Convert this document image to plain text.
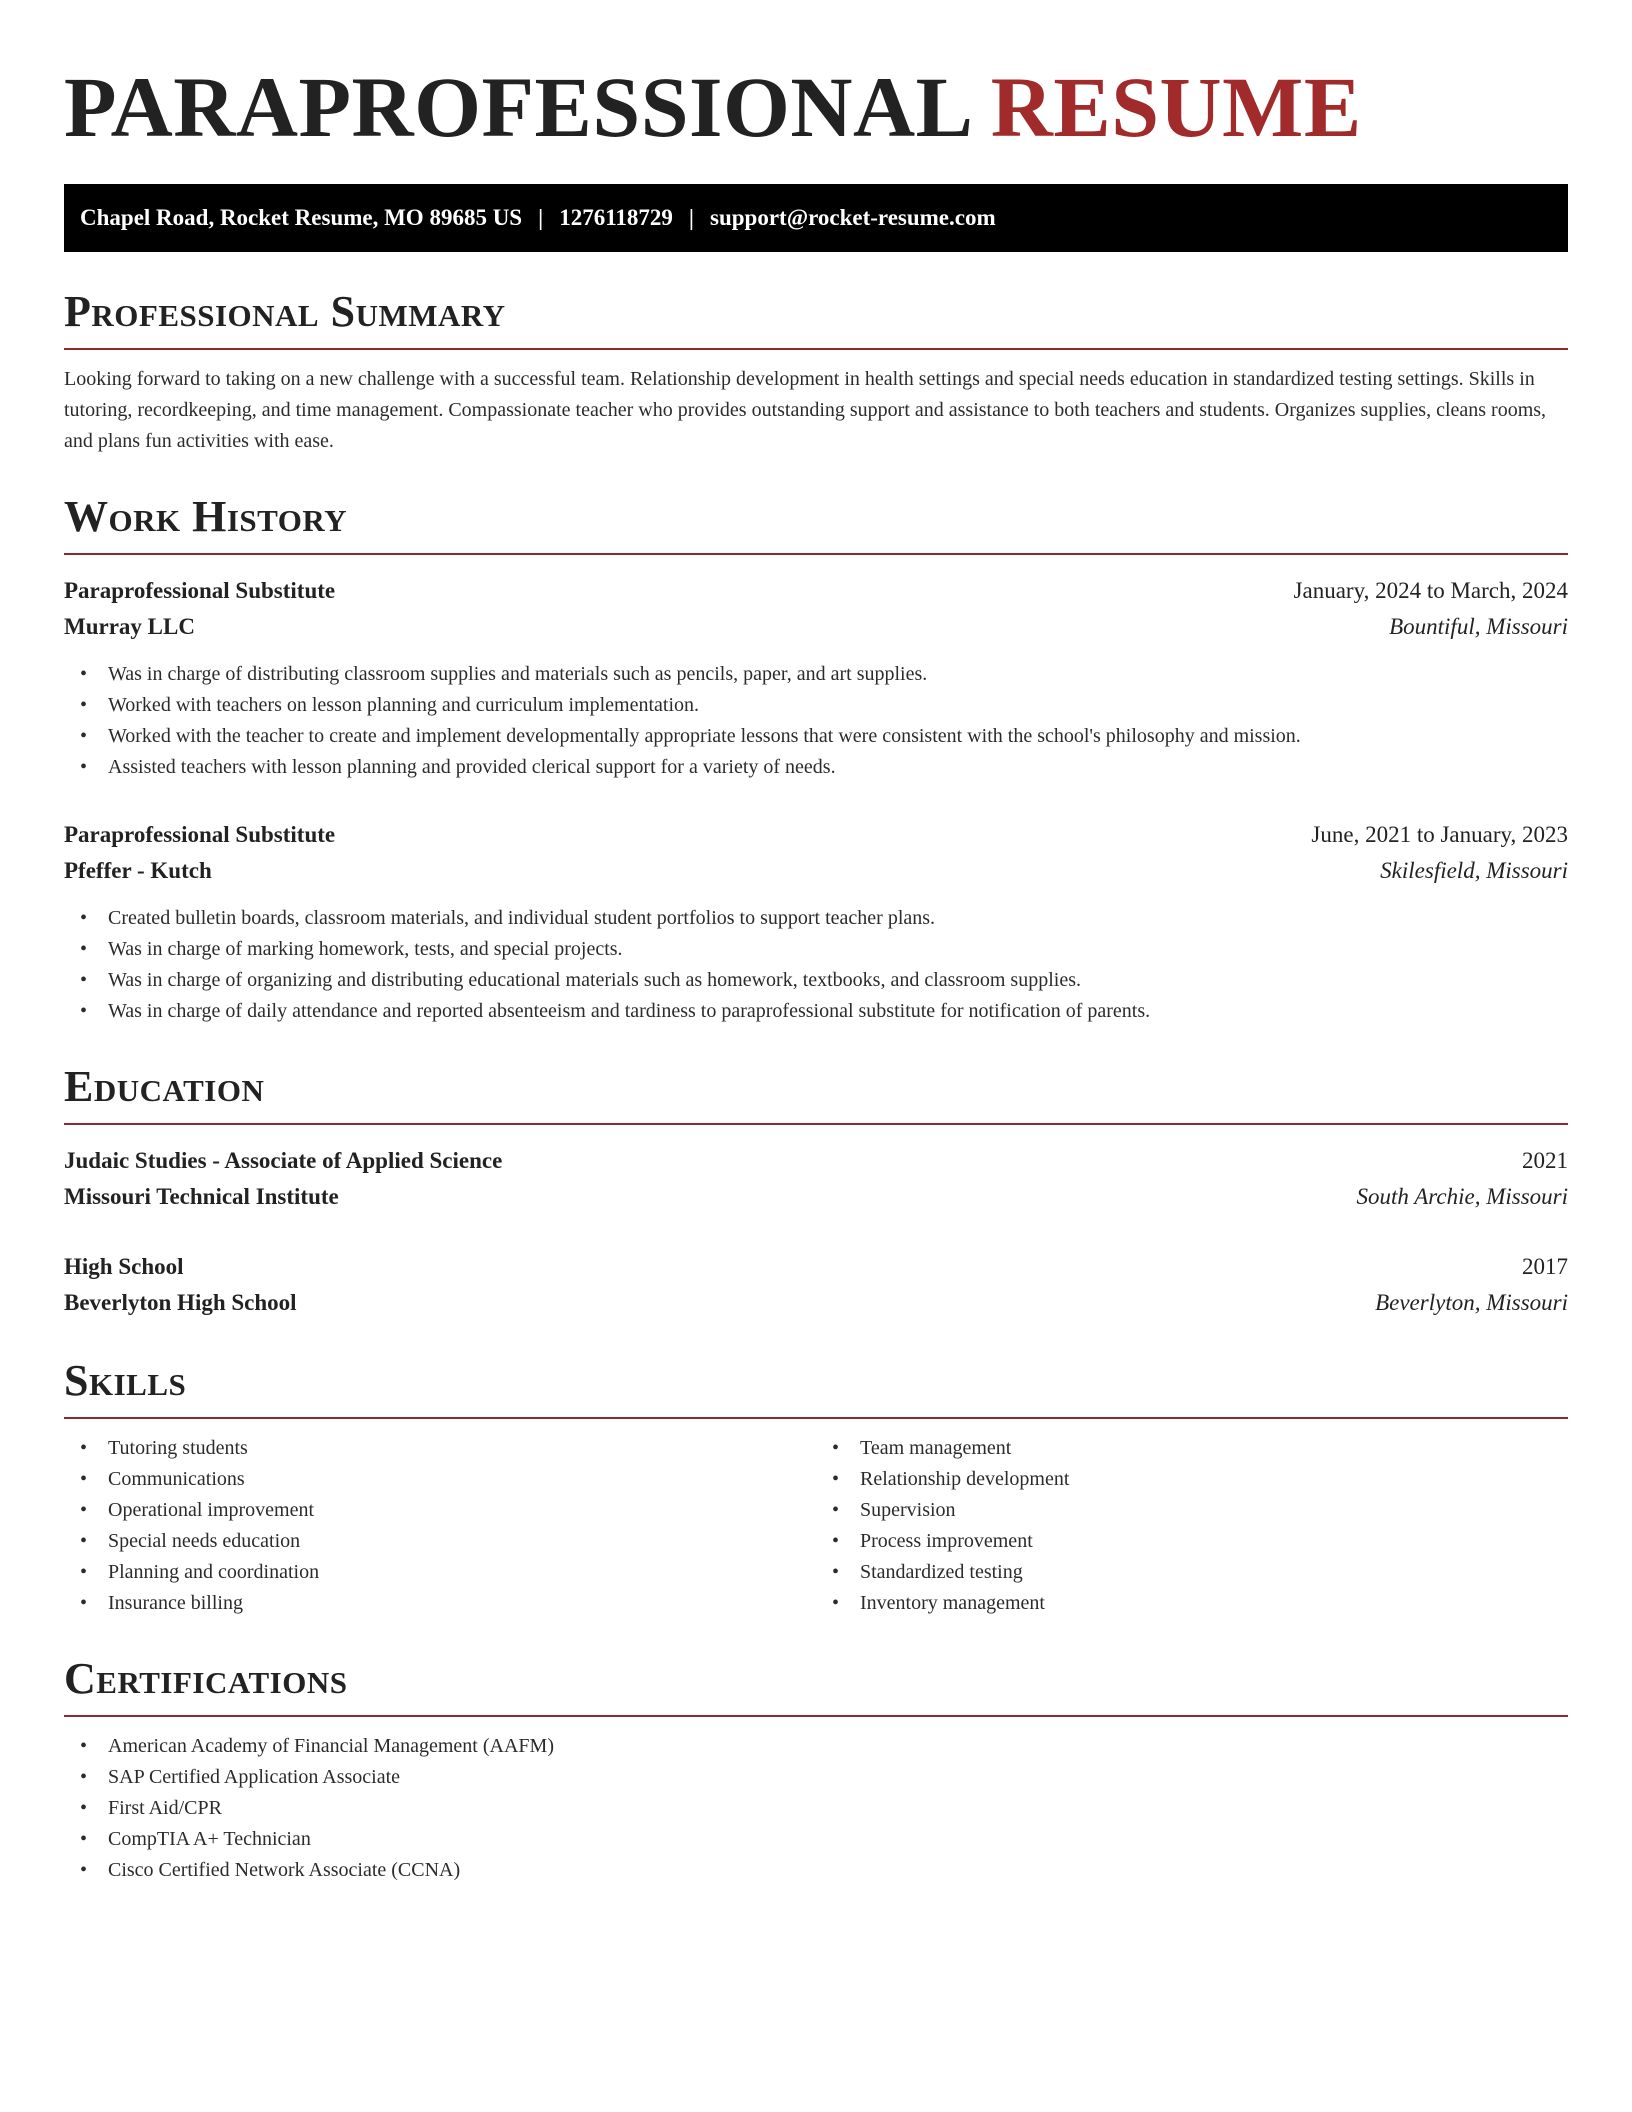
PARAPROFESSIONAL RESUME
Chapel Road, Rocket Resume, MO 89685 US | 1276118729 | support@rocket-resume.com
Professional Summary

Looking forward to taking on a new challenge with a successful team. Relationship development in health settings and special needs education in standardized testing settings. Skills in tutoring, recordkeeping, and time management. Compassionate teacher who provides outstanding support and assistance to both teachers and students. Organizes supplies, cleans rooms, and plans fun activities with ease.

Work History
Paraprofessional Substitute	January, 2024 to March, 2024
Murray LLC	Bountiful, Missouri
• Was in charge of distributing classroom supplies and materials such as pencils, paper, and art supplies.
• Worked with teachers on lesson planning and curriculum implementation.
• Worked with the teacher to create and implement developmentally appropriate lessons that were consistent with the school's philosophy and mission.
• Assisted teachers with lesson planning and provided clerical support for a variety of needs.
Paraprofessional Substitute	June, 2021 to January, 2023
Pfeffer - Kutch	Skilesfield, Missouri
• Created bulletin boards, classroom materials, and individual student portfolios to support teacher plans.
• Was in charge of marking homework, tests, and special projects.
• Was in charge of organizing and distributing educational materials such as homework, textbooks, and classroom supplies.
• Was in charge of daily attendance and reported absenteeism and tardiness to paraprofessional substitute for notification of parents.
Education
Judaic Studies - Associate of Applied Science	2021
Missouri Technical Institute	South Archie, Missouri
High School	2017
Beverlyton High School	Beverlyton, Missouri
Skills
• Tutoring students
• Communications
• Operational improvement
• Special needs education
• Planning and coordination
• Insurance billing
• Team management
• Relationship development
• Supervision
• Process improvement
• Standardized testing
• Inventory management
Certifications
• American Academy of Financial Management (AAFM)
• SAP Certified Application Associate
• First Aid/CPR
• CompTIA A+ Technician
• Cisco Certified Network Associate (CCNA)
